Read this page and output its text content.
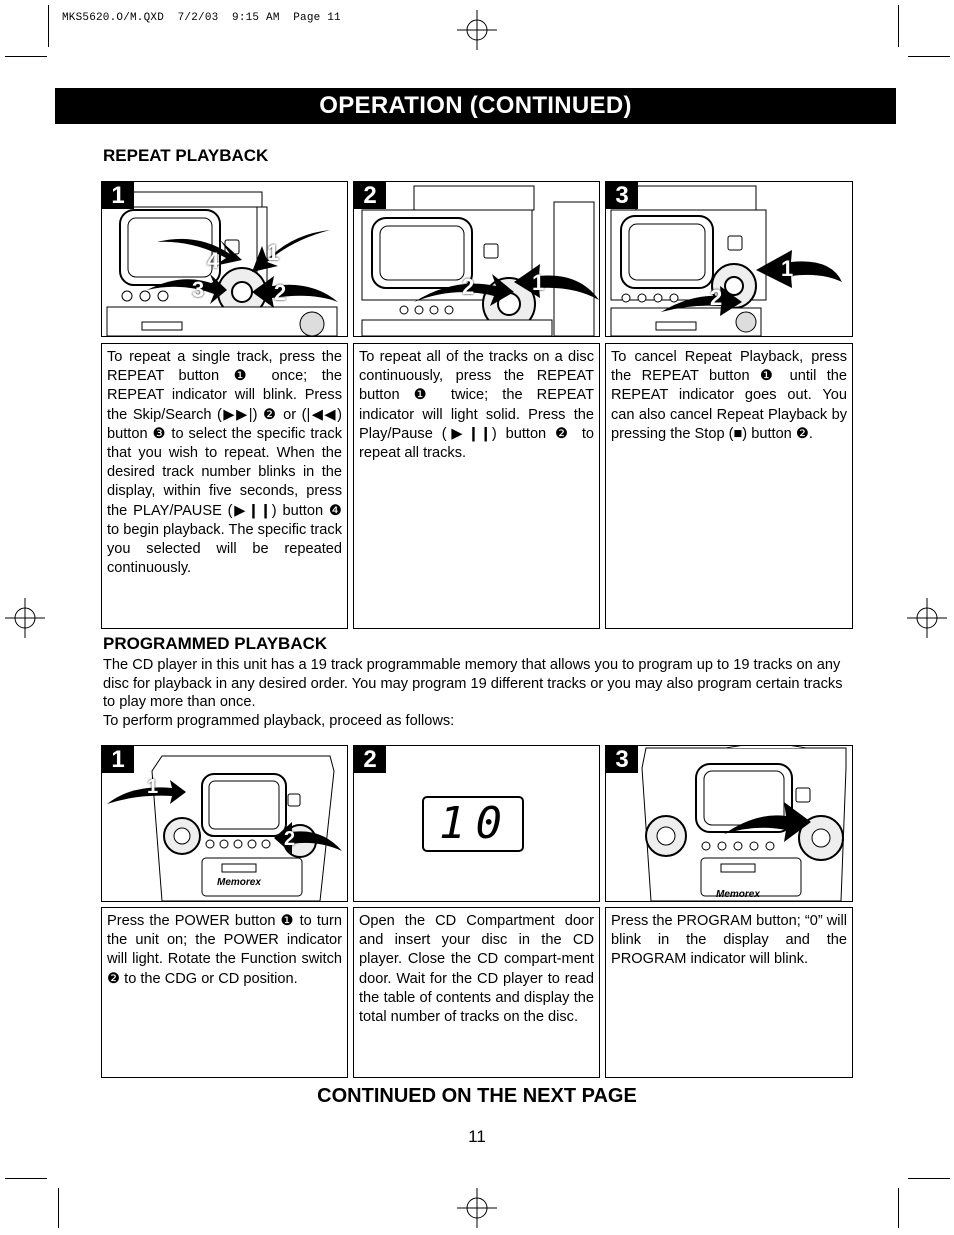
MKS5620.O/M.QXD  7/2/03  9:15 AM  Page 11
OPERATION (CONTINUED)
REPEAT PLAYBACK
1
4 1
3	2
2
2	1
3
1
2
To repeat a single track, press the REPEAT button ❶ once; the REPEAT indicator will blink. Press the Skip/Search (▶▶|) ❷ or (|◀◀) button ❸ to select the specific track that you wish to repeat. When the desired track number blinks in the display, within five seconds, press the PLAY/PAUSE (▶❙❙) button ❹ to begin playback. The specific track you selected will be repeated continuously.
To repeat all of the tracks on a disc continuously, press the REPEAT button ❶ twice; the REPEAT indicator will light solid. Press the Play/Pause (▶❙❙) button ❷ to repeat all tracks.
To cancel Repeat Playback, press the REPEAT button ❶ until the REPEAT indicator goes out. You can also cancel Repeat Playback by pressing the Stop (■) button ❷.
PROGRAMMED PLAYBACK
The CD player in this unit has a 19 track programmable memory that allows you to program up to 19 tracks on any disc for playback in any desired order. You may program 19 different tracks or you may also program certain tracks to play more than once.
To perform programmed playback, proceed as follows:
1
1
2
Memorex
2
10
3
Memorex
Press the POWER button ❶ to turn the unit on; the POWER indicator will light. Rotate the Function switch ❷ to the CDG or CD position.
Open the CD Compartment door and insert your disc in the CD player. Close the CD compart-ment door. Wait for the CD player to read the table of contents and display the total number of tracks on the disc.
Press the PROGRAM button; “0” will blink in the display and the PROGRAM indicator will blink.
CONTINUED ON THE NEXT PAGE
11
